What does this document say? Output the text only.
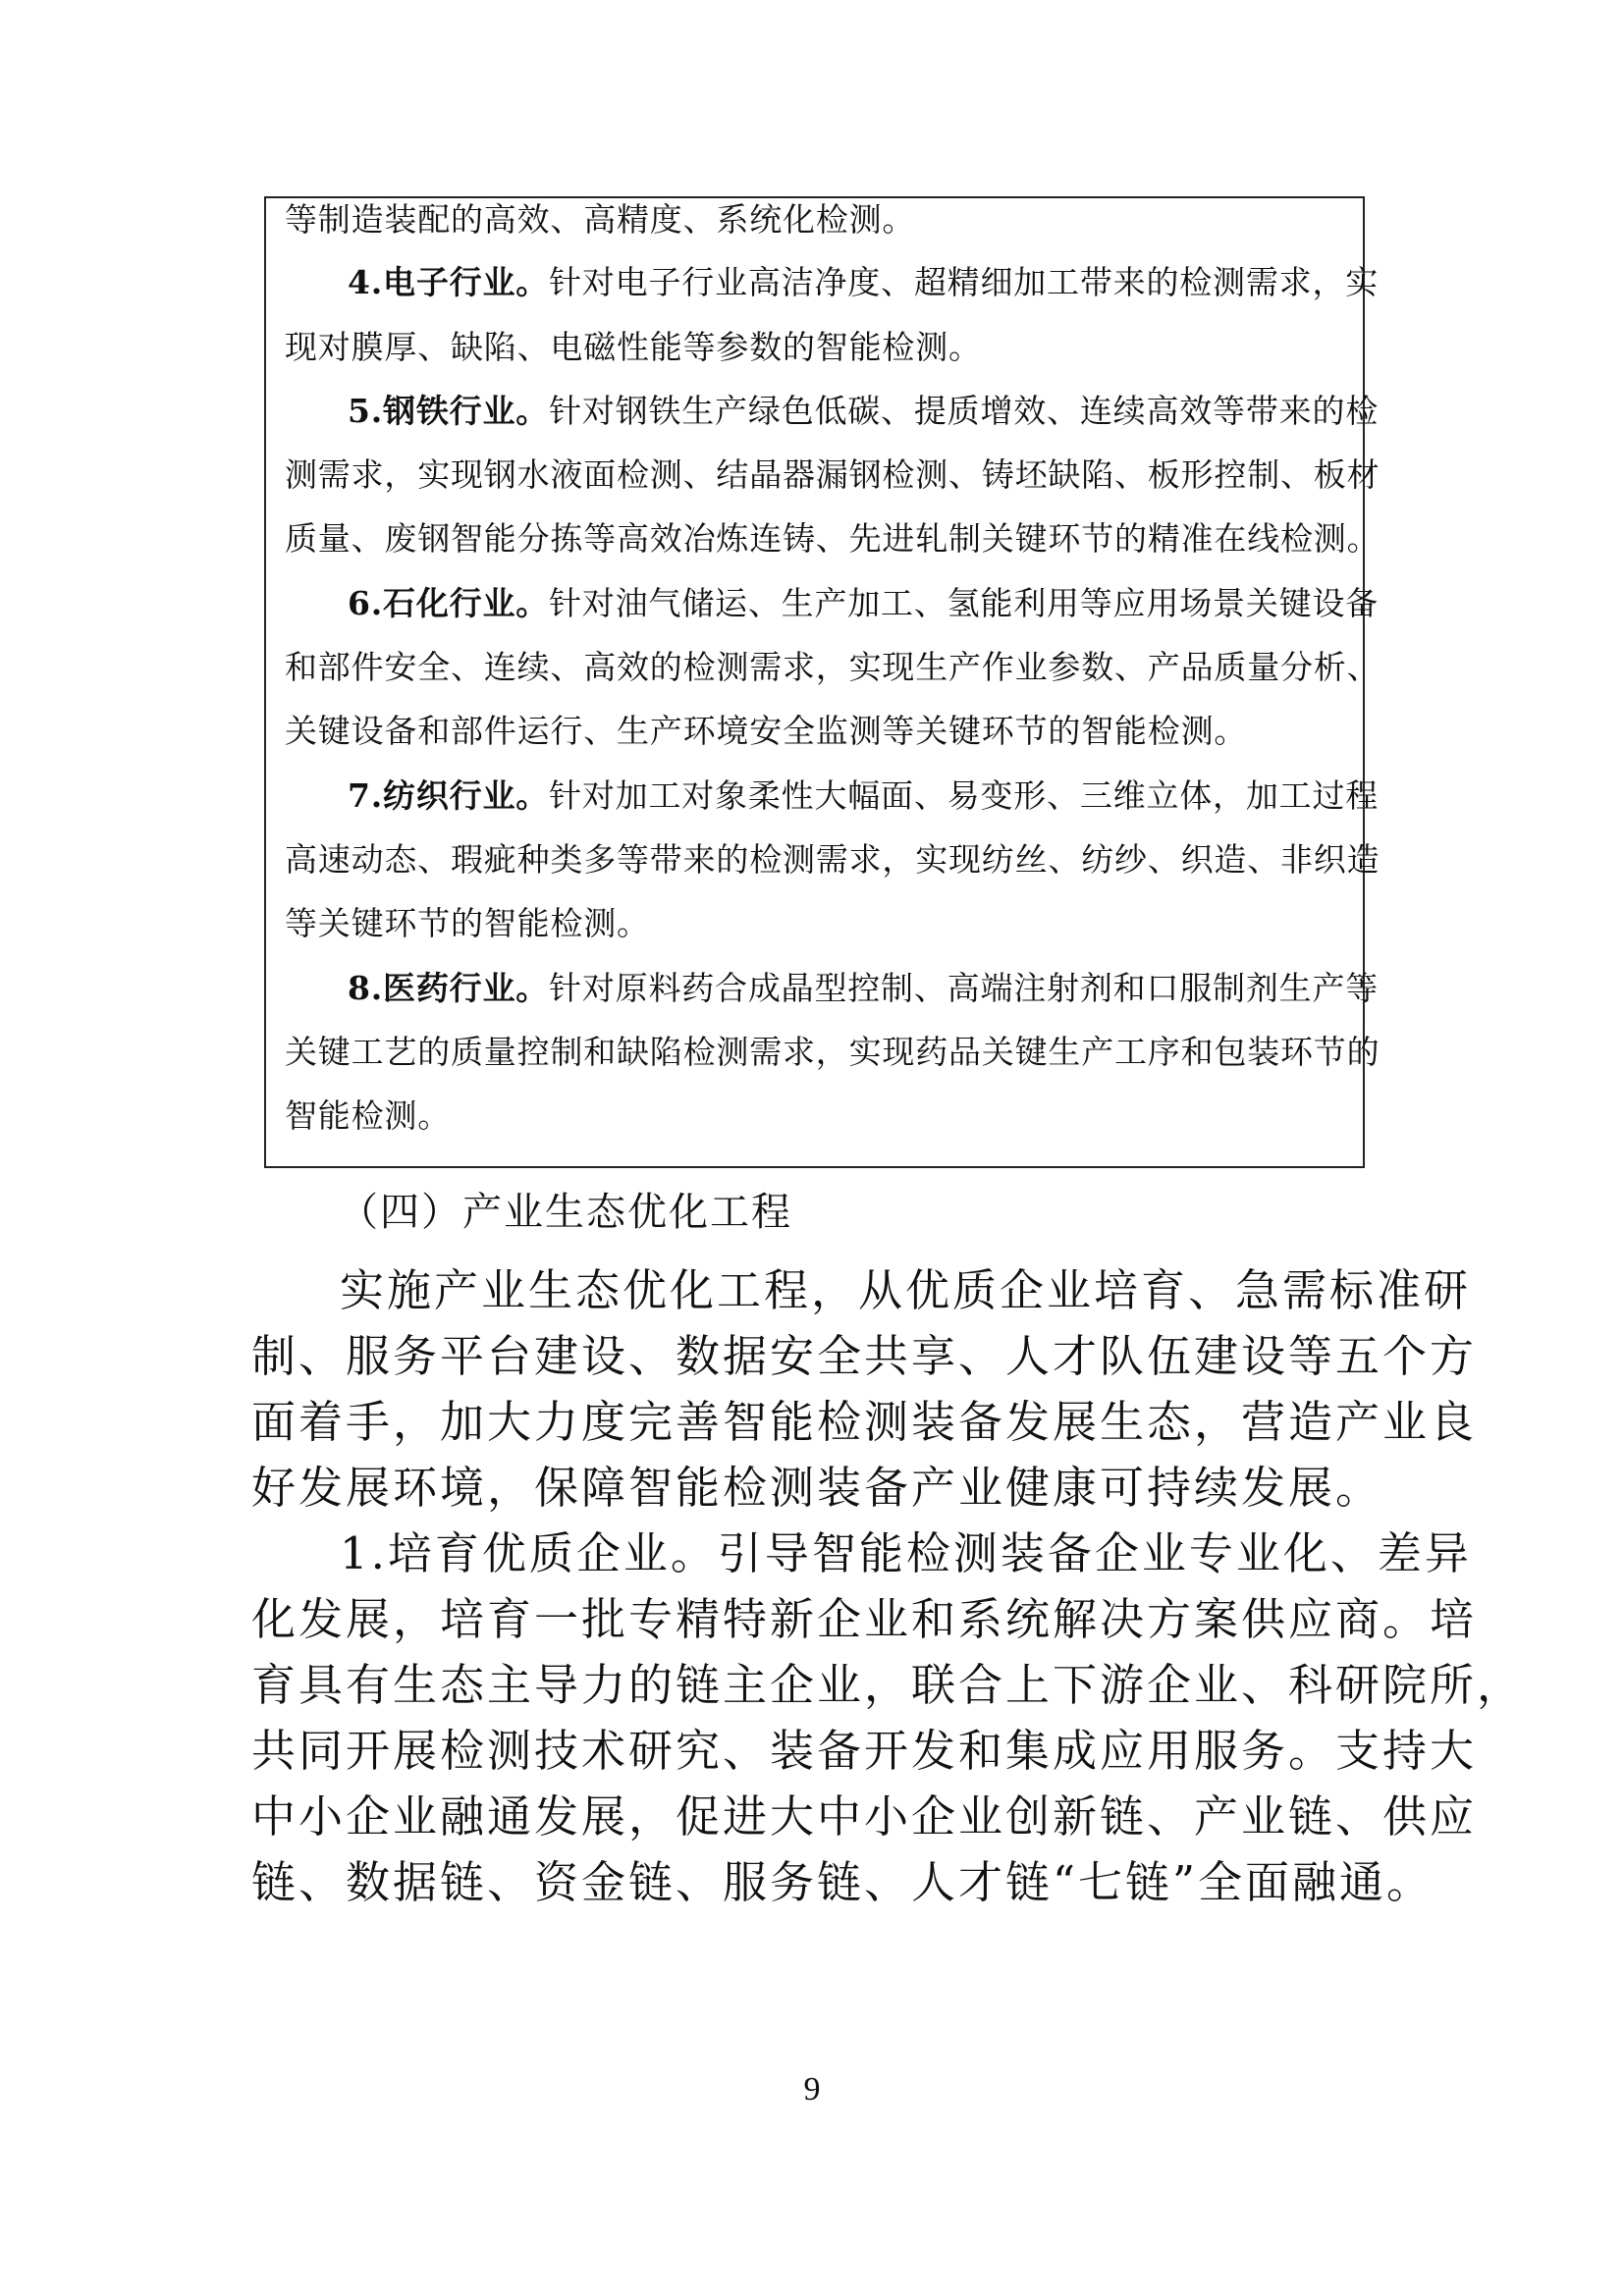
等制造装配的高效、高精度、系统化检测。
4.电子行业。针对电子行业高洁净度、超精细加工带来的检测需求，实
现对膜厚、缺陷、电磁性能等参数的智能检测。
5.钢铁行业。针对钢铁生产绿色低碳、提质增效、连续高效等带来的检
测需求，实现钢水液面检测、结晶器漏钢检测、铸坯缺陷、板形控制、板材
质量、废钢智能分拣等高效冶炼连铸、先进轧制关键环节的精准在线检测。
6.石化行业。针对油气储运、生产加工、氢能利用等应用场景关键设备
和部件安全、连续、高效的检测需求，实现生产作业参数、产品质量分析、
关键设备和部件运行、生产环境安全监测等关键环节的智能检测。
7.纺织行业。针对加工对象柔性大幅面、易变形、三维立体，加工过程
高速动态、瑕疵种类多等带来的检测需求，实现纺丝、纺纱、织造、非织造
等关键环节的智能检测。
8.医药行业。针对原料药合成晶型控制、高端注射剂和口服制剂生产等
关键工艺的质量控制和缺陷检测需求，实现药品关键生产工序和包装环节的
智能检测。
（四）产业生态优化工程
实施产业生态优化工程，从优质企业培育、急需标准研
制、服务平台建设、数据安全共享、人才队伍建设等五个方
面着手，加大力度完善智能检测装备发展生态，营造产业良
好发展环境，保障智能检测装备产业健康可持续发展。
1.培育优质企业。引导智能检测装备企业专业化、差异
化发展，培育一批专精特新企业和系统解决方案供应商。培
育具有生态主导力的链主企业，联合上下游企业、科研院所，
共同开展检测技术研究、装备开发和集成应用服务。支持大
中小企业融通发展，促进大中小企业创新链、产业链、供应
9
链、数据链、资金链、服务链、人才链“七链”全面融通。
